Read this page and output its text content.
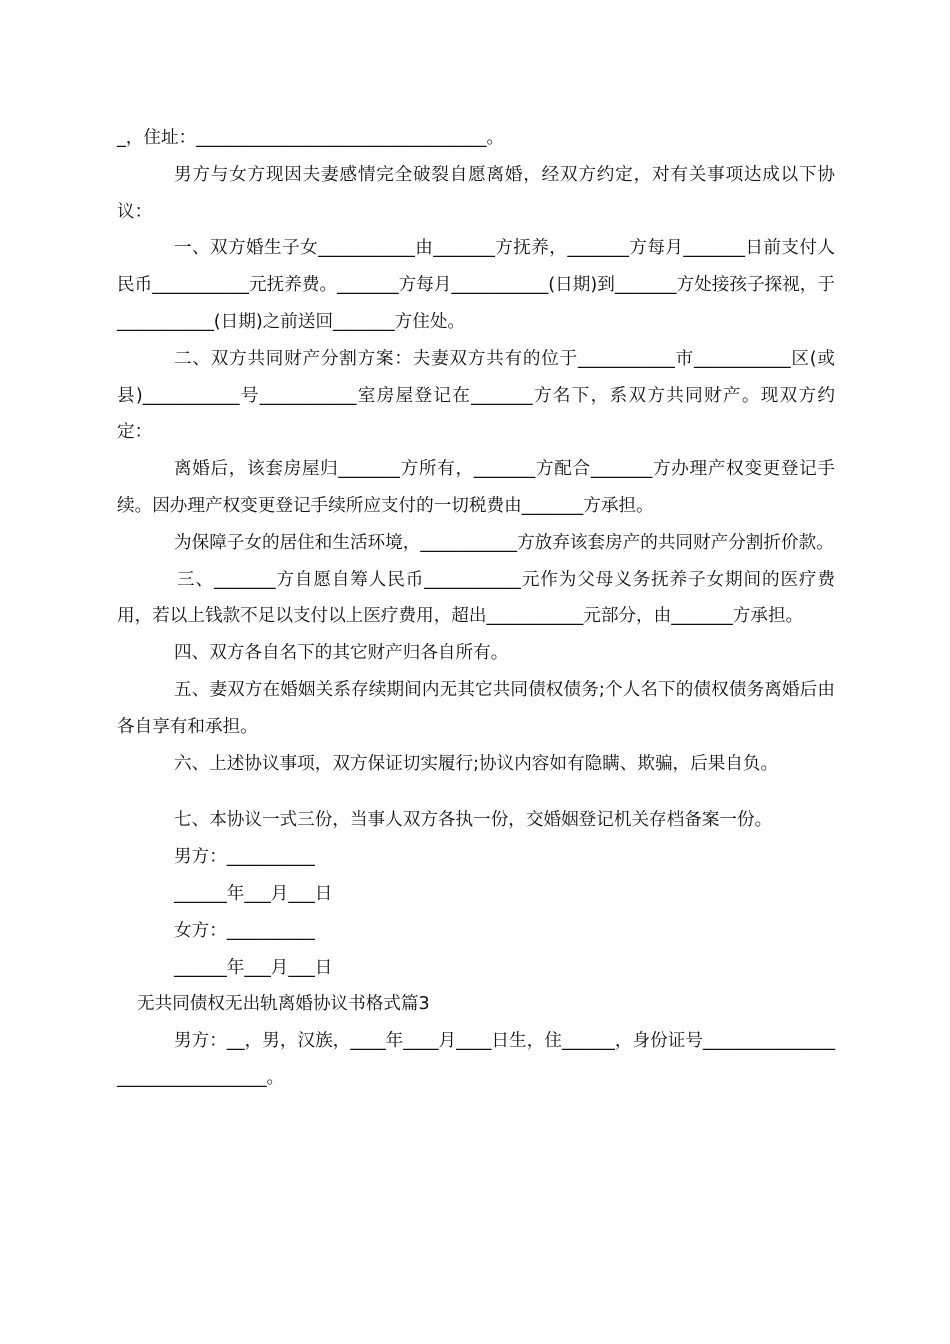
_，住址：_________________________________。

男方与女方现因夫妻感情完全破裂自愿离婚，经双方约定，对有关事项达成以下协议：

一、双方婚生子女___________由_______方抚养，_______方每月_______日前支付人民币___________元抚养费。_______方每月___________(日期)到_______方处接孩子探视，于___________(日期)之前送回_______方住处。

二、双方共同财产分割方案：夫妻双方共有的位于___________市___________区(或县)___________号___________室房屋登记在_______方名下，系双方共同财产。现双方约定：

离婚后，该套房屋归_______方所有，_______方配合_______方办理产权变更登记手续。因办理产权变更登记手续所应支付的一切税费由_______方承担。

为保障子女的居住和生活环境，___________方放弃该套房产的共同财产分割折价款。

三、_______方自愿自筹人民币___________元作为父母义务抚养子女期间的医疗费用，若以上钱款不足以支付以上医疗费用，超出___________元部分，由_______方承担。

四、双方各自名下的其它财产归各自所有。

五、妻双方在婚姻关系存续期间内无其它共同债权债务;个人名下的债权债务离婚后由各自享有和承担。

六、上述协议事项，双方保证切实履行;协议内容如有隐瞒、欺骗，后果自负。

七、本协议一式三份，当事人双方各执一份，交婚姻登记机关存档备案一份。

男方：__________

______年___月___日

女方：__________

______年___月___日

无共同债权无出轨离婚协议书格式篇3

男方：__，男，汉族，____年____月____日生，住______，身份证号________________________________。
